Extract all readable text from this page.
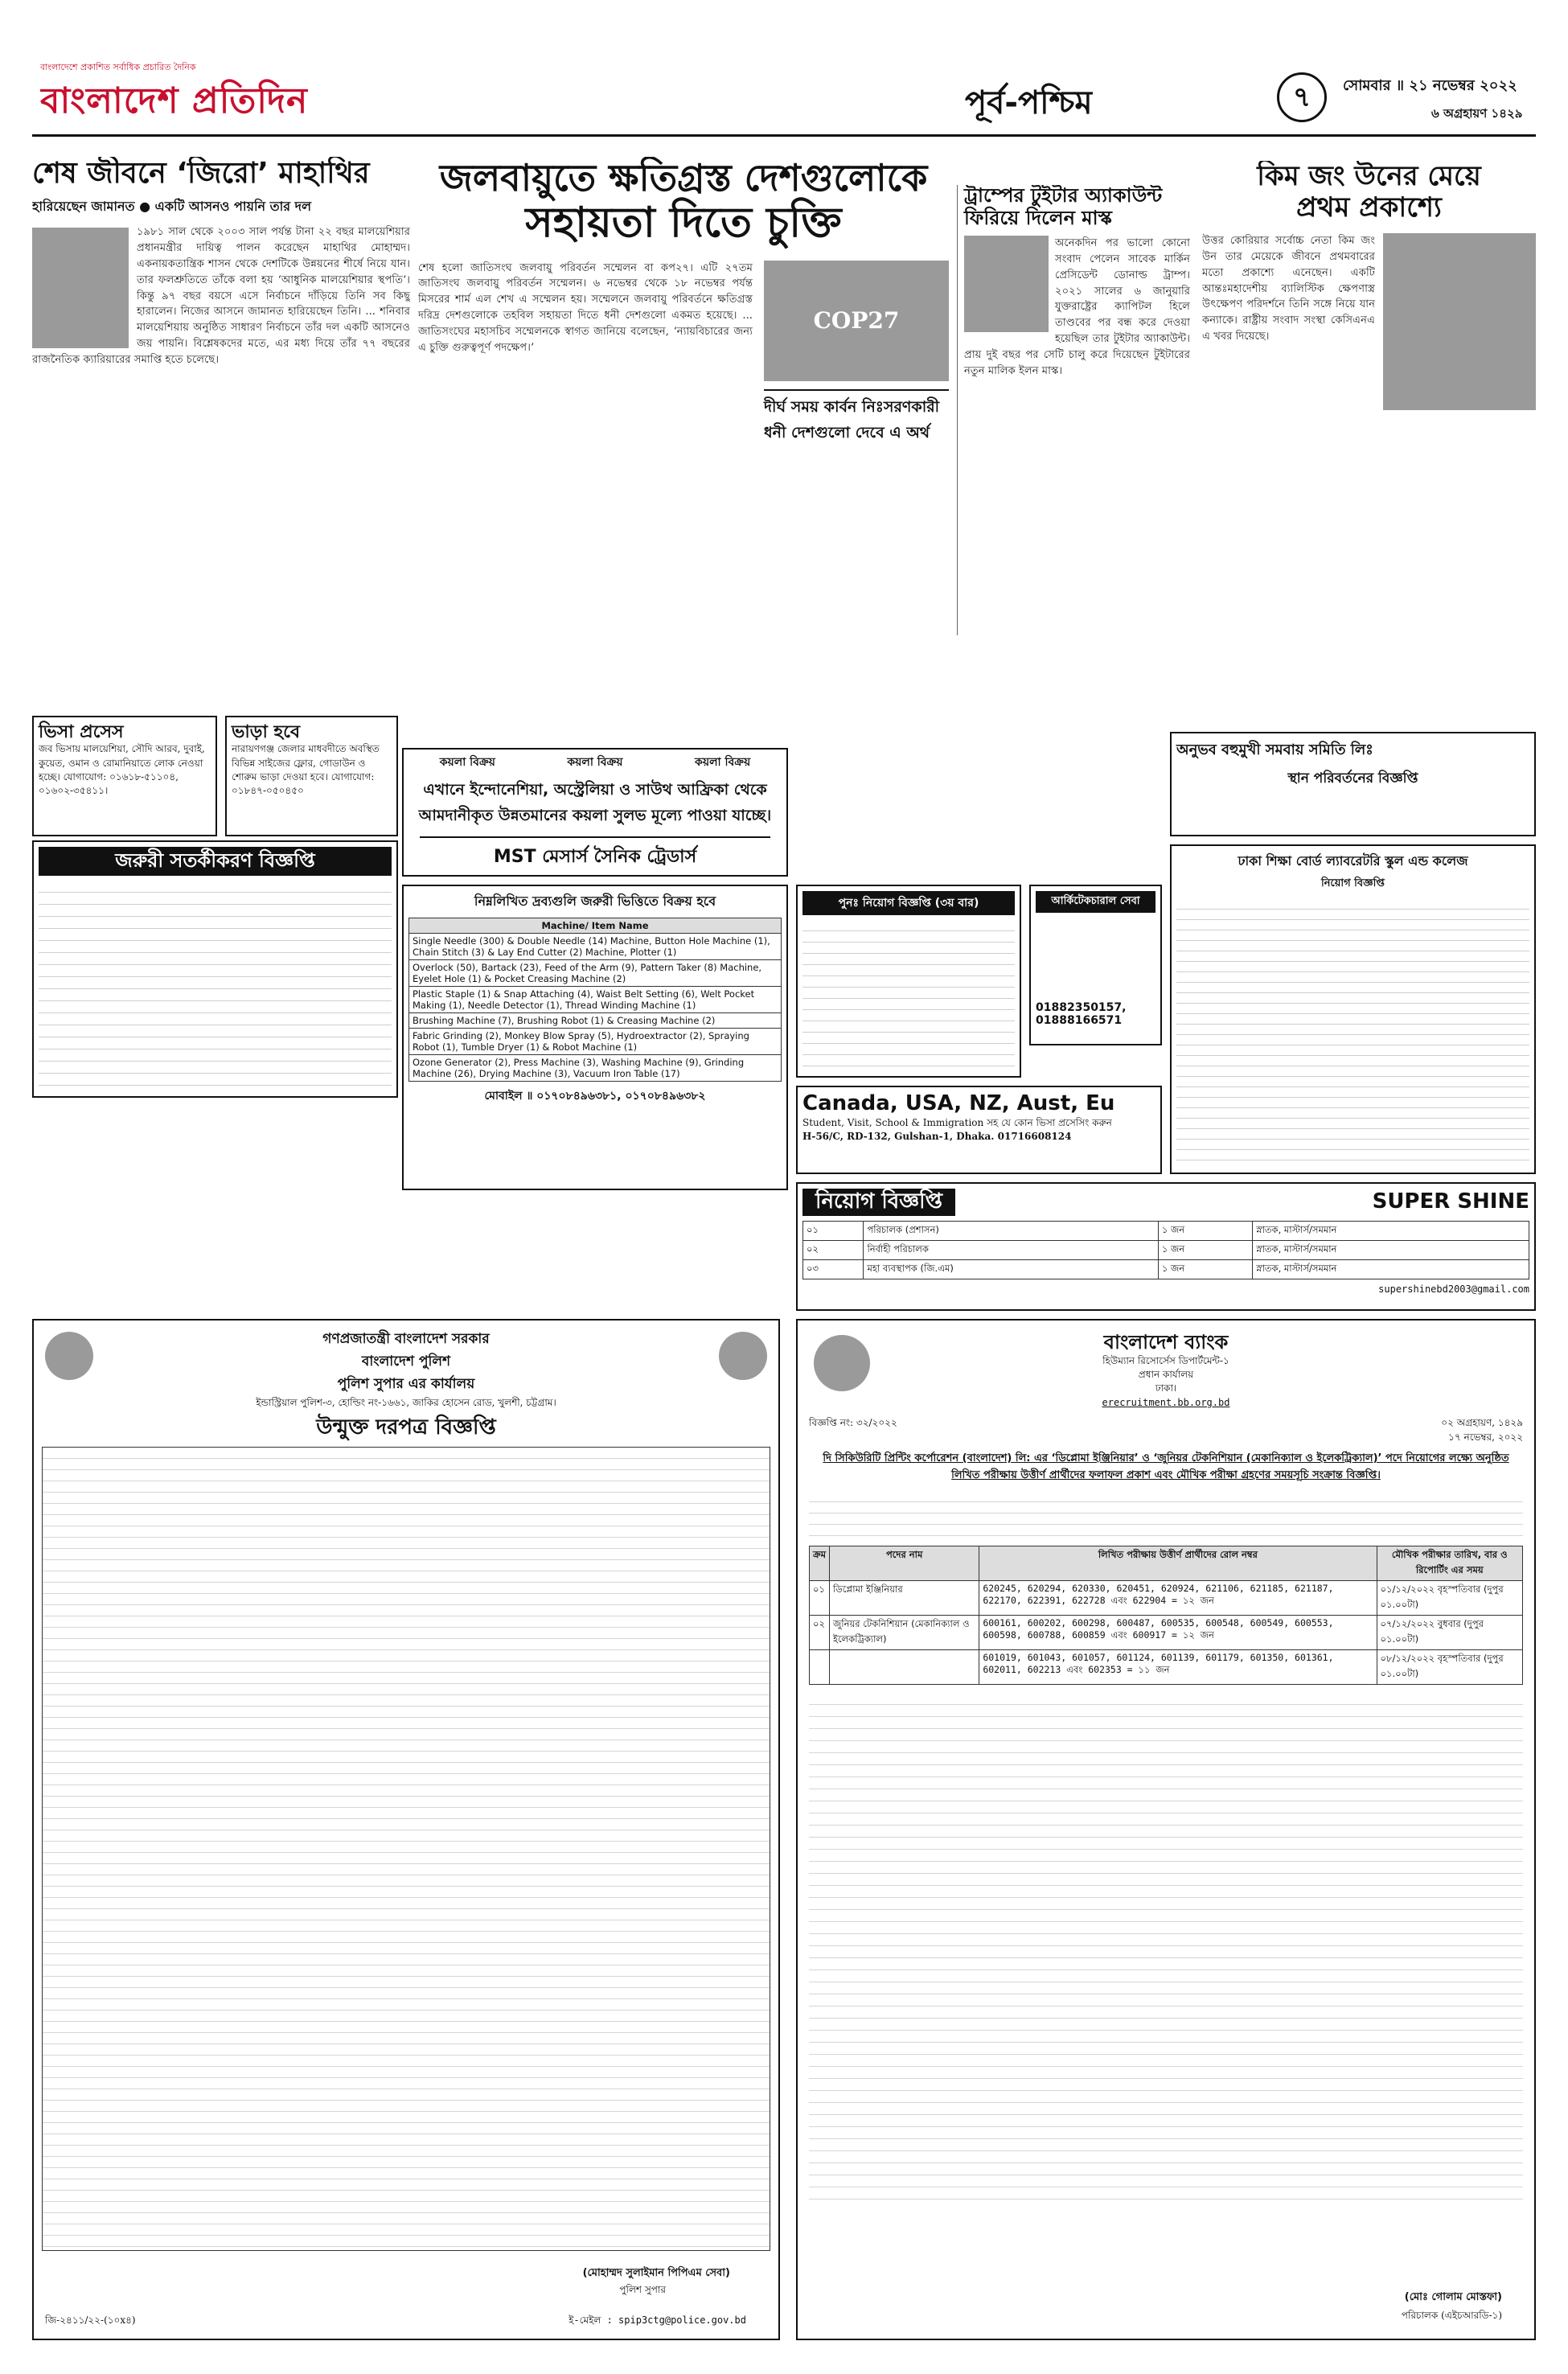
বাংলাদেশে প্রকাশিত সর্বাধিক প্রচারিত দৈনিক
বাংলাদেশ প্রতিদিন	পূর্ব-পশ্চিম	৭	সোমবার ॥ ২১ নভেম্বর ২০২২
৬ অগ্রহায়ণ ১৪২৯
শেষ জীবনে ‘জিরো’ মাহাথির
হারিয়েছেন জামানত ● একটি আসনও পায়নি তার দল
১৯৮১ সাল থেকে ২০০৩ সাল পর্যন্ত টানা ২২ বছর মালয়েশিয়ার প্রধানমন্ত্রীর দায়িত্ব পালন করেছেন মাহাথির মোহাম্মদ। একনায়কতান্ত্রিক শাসন থেকে দেশটিকে উন্নয়নের শীর্ষে নিয়ে যান। তার ফলশ্রুতিতে তাঁকে বলা হয় ‘আধুনিক মালয়েশিয়ার স্থপতি’। কিন্তু ৯৭ বছর বয়সে এসে নির্বাচনে দাঁড়িয়ে তিনি সব কিছু হারালেন। নিজের আসনে জামানত হারিয়েছেন তিনি। ... শনিবার মালয়েশিয়ায় অনুষ্ঠিত সাধারণ নির্বাচনে তাঁর দল একটি আসনেও জয় পায়নি। বিশ্লেষকদের মতে, এর মধ্য দিয়ে তাঁর ৭৭ বছরের রাজনৈতিক ক্যারিয়ারের সমাপ্তি হতে চলেছে।
জলবায়ুতে ক্ষতিগ্রস্ত দেশগুলোকে
সহায়তা দিতে চুক্তি
শেষ হলো জাতিসংঘ জলবায়ু পরিবর্তন সম্মেলন বা কপ২৭। এটি ২৭তম জাতিসংঘ জলবায়ু পরিবর্তন সম্মেলন। ৬ নভেম্বর থেকে ১৮ নভেম্বর পর্যন্ত মিসরের শার্ম এল শেখ এ সম্মেলন হয়। সম্মেলনে জলবায়ু পরিবর্তনে ক্ষতিগ্রস্ত দরিদ্র দেশগুলোকে তহবিল সহায়তা দিতে ধনী দেশগুলো একমত হয়েছে। ... জাতিসংঘের মহাসচিব সম্মেলনকে স্বাগত জানিয়ে বলেছেন, ‘ন্যায়বিচারের জন্য এ চুক্তি গুরুত্বপূর্ণ পদক্ষেপ।’
COP27
দীর্ঘ সময় কার্বন নিঃসরণকারী ধনী দেশগুলো দেবে এ অর্থ
ট্রাম্পের টুইটার অ্যাকাউন্ট ফিরিয়ে দিলেন মাস্ক
অনেকদিন পর ভালো কোনো সংবাদ পেলেন সাবেক মার্কিন প্রেসিডেন্ট ডোনাল্ড ট্রাম্প। ২০২১ সালের ৬ জানুয়ারি যুক্তরাষ্ট্রের ক্যাপিটল হিলে তাণ্ডবের পর বন্ধ করে দেওয়া হয়েছিল তার টুইটার অ্যাকাউন্ট। প্রায় দুই বছর পর সেটি চালু করে দিয়েছেন টুইটারের নতুন মালিক ইলন মাস্ক।
কিম জং উনের মেয়ে
প্রথম প্রকাশ্যে
উত্তর কোরিয়ার সর্বোচ্চ নেতা কিম জং উন তার মেয়েকে জীবনে প্রথমবারের মতো প্রকাশ্যে এনেছেন। একটি আন্তঃমহাদেশীয় ব্যালিস্টিক ক্ষেপণাস্ত্র উৎক্ষেপণ পরিদর্শনে তিনি সঙ্গে নিয়ে যান কন্যাকে। রাষ্ট্রীয় সংবাদ সংস্থা কেসিএনএ এ খবর দিয়েছে।
কয়লা বিক্রয়	কয়লা বিক্রয়	কয়লা বিক্রয়
এখানে ইন্দোনেশিয়া, অস্ট্রেলিয়া ও সাউথ আফ্রিকা থেকে আমদানীকৃত উন্নতমানের কয়লা সুলভ মূল্যে পাওয়া যাচ্ছে।
MST মেসার্স সৈনিক ট্রেডার্স
অনুভব বহুমুখী সমবায় সমিতি লিঃ
স্থান পরিবর্তনের বিজ্ঞপ্তি
ভিসা প্রসেস
জব ভিসায় মালয়েশিয়া, সৌদি আরব, দুবাই, কুয়েত, ওমান ও রোমানিয়াতে লোক নেওয়া হচ্ছে। যোগাযোগ: ০১৬১৮-৫১১০৪, ০১৬০২-৩৫৪১১।
ভাড়া হবে
নারায়ণগঞ্জ জেলার মাধবদীতে অবস্থিত বিভিন্ন সাইজের ফ্লোর, গোডাউন ও শোরুম ভাড়া দেওয়া হবে। যোগাযোগ: ০১৮৪৭-০৫০৪৫০
জরুরী সতর্কীকরণ বিজ্ঞপ্তি
পুনঃ নিয়োগ বিজ্ঞপ্তি (৩য় বার)	আর্কিটেকচারাল সেবা
01882350157, 01888166571
ঢাকা শিক্ষা বোর্ড ল্যাবরেটরি স্কুল এন্ড কলেজ
নিয়োগ বিজ্ঞপ্তি
নিম্নলিখিত দ্রব্যগুলি জরুরী ভিত্তিতে বিক্রয় হবে
Machine/ Item Name
Single Needle (300) & Double Needle (14) Machine, Button Hole Machine (1), Chain Stitch (3) & Lay End Cutter (2) Machine, Plotter (1)
Overlock (50), Bartack (23), Feed of the Arm (9), Pattern Taker (8) Machine, Eyelet Hole (1) & Pocket Creasing Machine (2)
Plastic Staple (1) & Snap Attaching (4), Waist Belt Setting (6), Welt Pocket Making (1), Needle Detector (1), Thread Winding Machine (1)
Brushing Machine (7), Brushing Robot (1) & Creasing Machine (2)
Fabric Grinding (2), Monkey Blow Spray (5), Hydroextractor (2), Spraying Robot (1), Tumble Dryer (1) & Robot Machine (1)
Ozone Generator (2), Press Machine (3), Washing Machine (9), Grinding Machine (26), Drying Machine (3), Vacuum Iron Table (17)
মোবাইল ॥ ০১৭০৮৪৯৬৩৮১, ০১৭০৮৪৯৬৩৮২	Canada, USA, NZ, Aust, Eu
Student, Visit, School & Immigration সহ যে কোন ভিসা প্রসেসিং করুন
H-56/C, RD-132, Gulshan-1, Dhaka. 01716608124
নিয়োগ বিজ্ঞপ্তি	SUPER SHINE
০১	পরিচালক (প্রশাসন)	১ জন	স্নাতক, মাস্টার্স/সমমান
০২	নির্বাহী পরিচালক	১ জন	স্নাতক, মাস্টার্স/সমমান
০৩	মহা ব্যবস্থাপক (জি.এম)	১ জন	স্নাতক, মাস্টার্স/সমমান
supershinebd2003@gmail.com
গণপ্রজাতন্ত্রী বাংলাদেশ সরকার
বাংলাদেশ পুলিশ
পুলিশ সুপার এর কার্যালয়
ইন্ডাস্ট্রিয়াল পুলিশ-৩, হোল্ডিং নং-১৬৬১, জাকির হোসেন রোড, খুলশী, চট্টগ্রাম।
উন্মুক্ত দরপত্র বিজ্ঞপ্তি
(মোহাম্মদ সুলাইমান পিপিএম সেবা)
পুলিশ সুপার
ই-মেইল : spip3ctg@police.gov.bd
জি-২৪১১/২২-(১০x৪)
বাংলাদেশ ব্যাংক
হিউম্যান রিসোর্সেস ডিপার্টমেন্ট-১
প্রধান কার্যালয়
ঢাকা।
erecruitment.bb.org.bd
বিজ্ঞপ্তি নং: ৩২/২০২২	০২ অগ্রহায়ণ, ১৪২৯
১৭ নভেম্বর, ২০২২
দি সিকিউরিটি প্রিন্টিং কর্পোরেশন (বাংলাদেশ) লি: এর ‘ডিপ্লোমা ইঞ্জিনিয়ার’ ও ‘জুনিয়র টেকনিশিয়ান (মেকানিক্যাল ও ইলেকট্রিক্যাল)’ পদে নিয়োগের লক্ষ্যে অনুষ্ঠিত লিখিত পরীক্ষায় উত্তীর্ণ প্রার্থীদের ফলাফল প্রকাশ এবং মৌখিক পরীক্ষা গ্রহণের সময়সূচি সংক্রান্ত বিজ্ঞপ্তি।
ক্রম	পদের নাম	লিখিত পরীক্ষায় উত্তীর্ণ প্রার্থীদের রোল নম্বর	মৌখিক পরীক্ষার তারিখ, বার ও রিপোর্টিং এর সময়
০১	ডিপ্লোমা ইঞ্জিনিয়ার	620245, 620294, 620330, 620451, 620924, 621106, 621185, 621187, 622170, 622391, 622728 এবং 622904 = ১২ জন	০১/১২/২০২২ বৃহস্পতিবার (দুপুর ০১.০০টা)
০২	জুনিয়র টেকনিশিয়ান (মেকানিক্যাল ও ইলেকট্রিক্যাল)	600161, 600202, 600298, 600487, 600535, 600548, 600549, 600553, 600598, 600788, 600859 এবং 600917 = ১২ জন	০৭/১২/২০২২ বুধবার (দুপুর ০১.০০টা)
		601019, 601043, 601057, 601124, 601139, 601179, 601350, 601361, 602011, 602213 এবং 602353 = ১১ জন	০৮/১২/২০২২ বৃহস্পতিবার (দুপুর ০১.০০টা)
(মোঃ গোলাম মোস্তফা)
পরিচালক (এইচআরডি-১)
